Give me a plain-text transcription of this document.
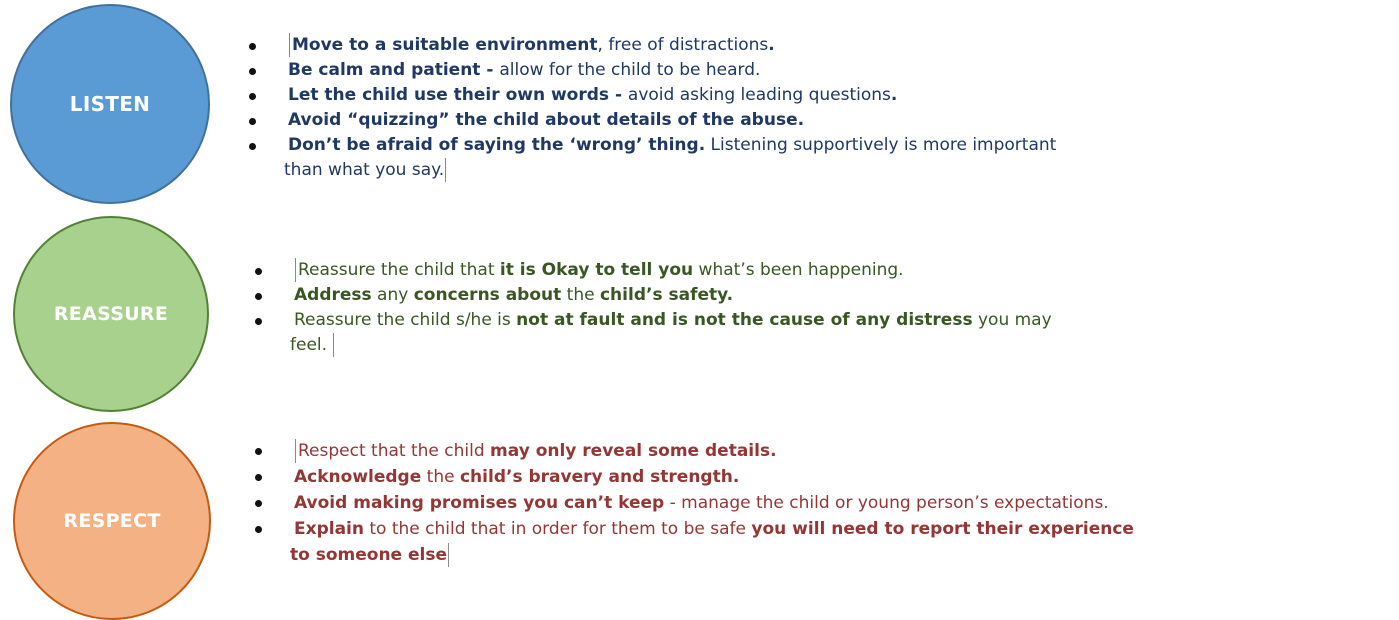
LISTEN
REASSURE
RESPECT
Move to a suitable environment, free of distractions.
Be calm and patient - allow for the child to be heard.
Let the child use their own words - avoid asking leading questions.
Avoid “quizzing” the child about details of the abuse.
Don’t be afraid of saying the ‘wrong’ thing. Listening supportively is more important
than what you say.
Reassure the child that it is Okay to tell you what’s been happening.
Address any concerns about the child’s safety.
Reassure the child s/he is not at fault and is not the cause of any distress you may
feel.
Respect that the child may only reveal some details.
Acknowledge the child’s bravery and strength.
Avoid making promises you can’t keep - manage the child or young person’s expectations.
Explain to the child that in order for them to be safe you will need to report their experience
to someone else
